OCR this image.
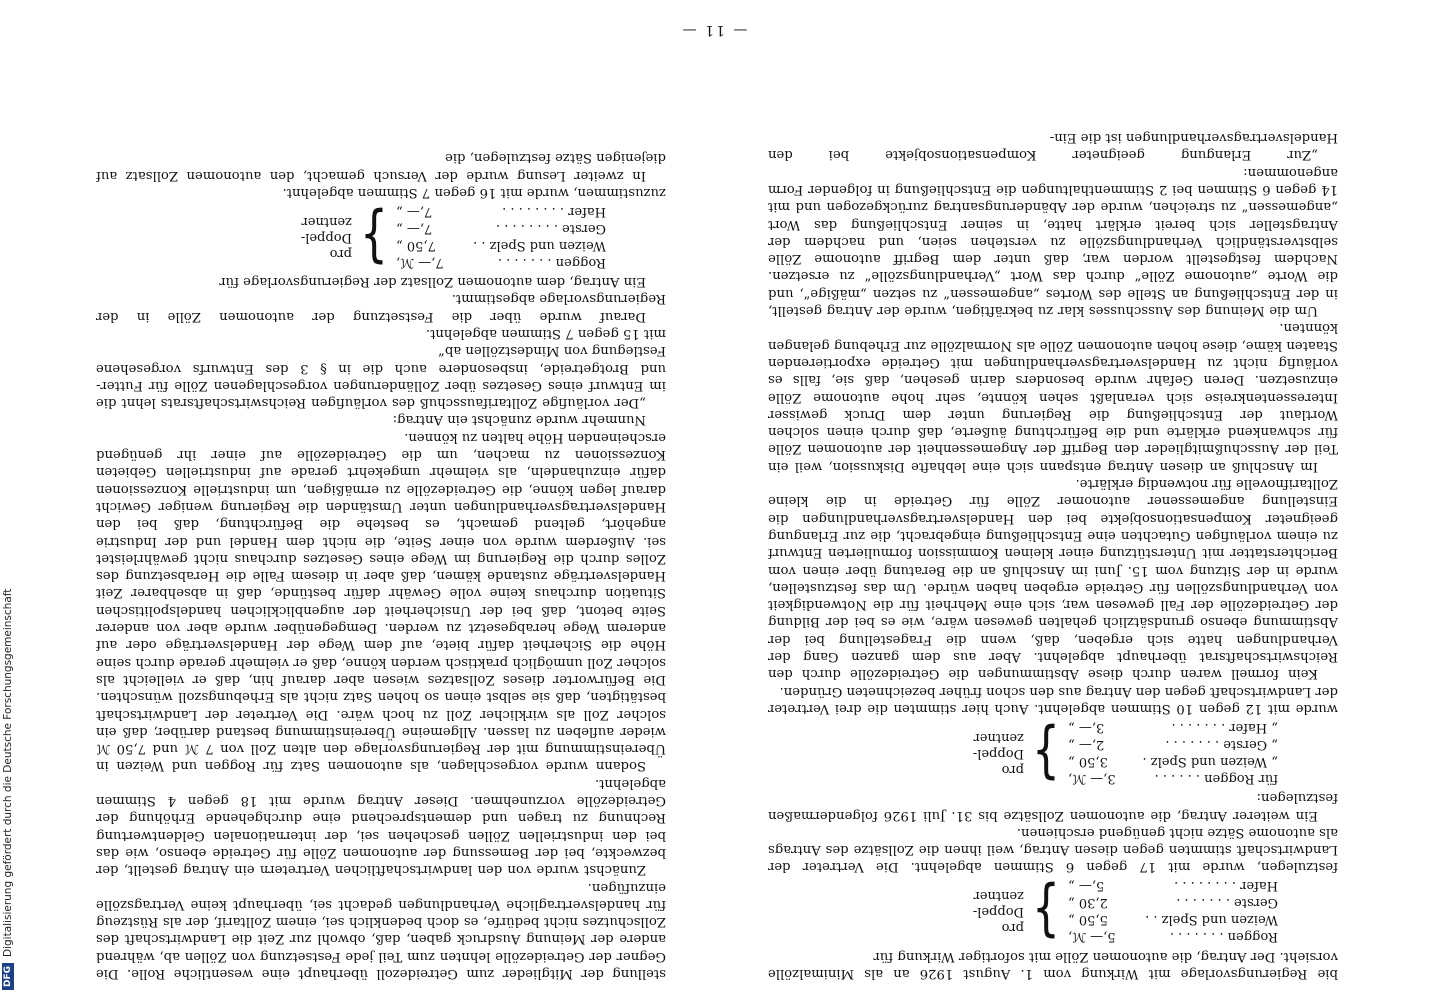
— 11 —

stellung der Mitglieder zum Getreidezoll überhaupt eine wesentliche Rolle. Die Gegner der Getreidezölle lehnten zum Teil jede Festsetzung von Zöllen ab, während andere der Meinung Ausdruck gaben, daß, obwohl zur Zeit die Landwirtschaft des Zollschutzes nicht bedürfe, es doch bedenklich sei, einem Zolltarif, der als Rüstzeug für handelsvertragliche Verhandlungen gedacht sei, überhaupt keine Vertragszölle einzufügen.

Zunächst wurde von den landwirtschaftlichen Vertretern ein Antrag gestellt, der bezweckte, bei der Bemessung der autonomen Zölle für Getreide ebenso, wie das bei den industriellen Zöllen geschehen sei, der internationalen Geldentwertung Rechnung zu tragen und dementsprechend eine durchgehende Erhöhung der Getreidezölle vorzunehmen. Dieser Antrag wurde mit 18 gegen 4 Stimmen abgelehnt.

Sodann wurde vorgeschlagen, als autonomen Satz für Roggen und Weizen in Übereinstimmung mit der Regierungsvorlage den alten Zoll von 7 ℳ und 7,50 ℳ wieder aufleben zu lassen. Allgemeine Übereinstimmung bestand darüber, daß ein solcher Zoll als wirklicher Zoll zu hoch wäre. Die Vertreter der Landwirtschaft bestätigten, daß sie selbst einen so hohen Satz nicht als Erhebungszoll wünschten. Die Befürworter dieses Zollsatzes wiesen aber darauf hin, daß er vielleicht als solcher Zoll unmöglich praktisch werden könne, daß er vielmehr gerade durch seine Höhe die Sicherheit dafür biete, auf dem Wege der Handelsverträge oder auf anderem Wege herabgesetzt zu werden. Demgegenüber wurde aber von anderer Seite betont, daß bei der Unsicherheit der augenblicklichen handelspolitischen Situation durchaus keine volle Gewähr dafür bestünde, daß in absehbarer Zeit Handelsverträge zustande kämen, daß aber in diesem Falle die Herabsetzung des Zolles durch die Regierung im Wege eines Gesetzes durchaus nicht gewährleistet sei. Außerdem wurde von einer Seite, die nicht dem Handel und der Industrie angehört, geltend gemacht, es bestehe die Befürchtung, daß bei den Handelsvertragsverhandlungen unter Umständen die Regierung weniger Gewicht darauf legen könne, die Getreidezölle zu ermäßigen, um industrielle Konzessionen dafür einzuhandeln, als vielmehr umgekehrt gerade auf industriellen Gebieten Konzessionen zu machen, um die Getreidezölle auf einer ihr genügend erscheinenden Höhe halten zu können.

Nunmehr wurde zunächst ein Antrag:

„Der vorläufige Zolltarifausschuß des vorläufigen Reichswirtschaftsrats lehnt die im Entwurf eines Gesetzes über Zolländerungen vorgeschlagenen Zölle für Futter- und Brotgetreide, insbesondere auch die in § 3 des Entwurfs vorgesehene Festlegung von Mindestzöllen ab“

mit 15 gegen 7 Stimmen abgelehnt.

Darauf wurde über die Festsetzung der autonomen Zölle in der Regierungsvorlage abgestimmt.

Ein Antrag, dem autonomen Zollsatz der Regierungsvorlage für

Roggen . . . . . . .
7,— ℳ,
Weizen und Spelz . .
7,50 „
Gerste . . . . . . . .
7,— „
Hafer . . . . . . . .
7,— „
}
pro
Doppel-
zentner

zuzustimmen, wurde mit 16 gegen 7 Stimmen abgelehnt.

In zweiter Lesung wurde der Versuch gemacht, den autonomen Zollsatz auf diejenigen Sätze festzulegen, die

bie Regierungsvorlage mit Wirkung vom 1. August 1926 an als Minimalzölle vorsieht. Der Antrag, die autonomen Zölle mit sofortiger Wirkung für

Roggen . . . . . . .
5,— ℳ,
Weizen und Spelz . .
5,50 „
Gerste . . . . . . .
2,30 „
Hafer . . . . . . . .
5,— „
}
pro
Doppel-
zentner

festzulegen, wurde mit 17 gegen 6 Stimmen abgelehnt. Die Vertreter der Landwirtschaft stimmten gegen diesen Antrag, weil ihnen die Zollsätze des Antrags als autonome Sätze nicht genügend erschienen.

Ein weiterer Antrag, die autonomen Zollsätze bis 31. Juli 1926 folgendermaßen festzulegen:

für Roggen . . . . . .
3,— ℳ,
„ Weizen und Spelz .
3,50 „
„ Gerste . . . . . . .
2,— „
„ Hafer . . . . . . .
3,— „
}
pro
Doppel-
zentner

wurde mit 12 gegen 10 Stimmen abgelehnt. Auch hier stimmten die drei Vertreter der Landwirtschaft gegen den Antrag aus den schon früher bezeichneten Gründen.

Kein formell waren durch diese Abstimmungen die Getreidezölle durch den Reichswirtschaftsrat überhaupt abgelehnt. Aber aus dem ganzen Gang der Verhandlungen hatte sich ergeben, daß, wenn die Fragestellung bei der Abstimmung ebenso grundsätzlich gehalten gewesen wäre, wie es bei der Bildung der Getreidezölle der Fall gewesen war, sich eine Mehrheit für die Notwendigkeit von Verhandlungszöllen für Getreide ergeben haben würde. Um das festzustellen, wurde in der Sitzung vom 15. Juni im Anschluß an die Beratung über einen vom Berichterstatter mit Unterstützung einer kleinen Kommission formulierten Entwurf zu einem vorläufigen Gutachten eine Entschließung eingebracht, die zur Erlangung geeigneter Kompensationsobjekte bei den Handelsvertragsverhandlungen die Einstellung angemessener autonomer Zölle für Getreide in die kleine Zolltarifnovelle für notwendig erklärte.

Im Anschluß an diesen Antrag entspann sich eine lebhafte Diskussion, weil ein Teil der Ausschußmitglieder den Begriff der Angemessenheit der autonomen Zölle für schwankend erklärte und die Befürchtung äußerte, daß durch einen solchen Wortlaut der Entschließung die Regierung unter dem Druck gewisser Interessentenkreise sich veranlaßt sehen könnte, sehr hohe autonome Zölle einzusetzen. Deren Gefahr wurde besonders darin gesehen, daß sie, falls es vorläufig nicht zu Handelsvertragsverhandlungen mit Getreide exportierenden Staaten käme, diese hohen autonomen Zölle als Normalzölle zur Erhebung gelangen könnten.

Um die Meinung des Ausschusses klar zu bekräftigen, wurde der Antrag gestellt, in der Entschließung an Stelle des Wortes „angemessen“ zu setzen „mäßige“, und die Worte „autonome Zölle“ durch das Wort „Verhandlungszölle“ zu ersetzen. Nachdem festgestellt worden war, daß unter dem Begriff autonome Zölle selbstverständlich Verhandlungszölle zu verstehen seien, und nachdem der Antragsteller sich bereit erklärt hatte, in seiner Entschließung das Wort „angemessen“ zu streichen, wurde der Abänderungsantrag zurückgezogen und mit 14 gegen 6 Stimmen bei 2 Stimmenthaltungen die Entschließung in folgender Form angenommen:

„Zur Erlangung geeigneter Kompensationsobjekte bei den Handelsvertragsverhandlungen ist die Ein-

DFG
Digitalisierung gefördert durch die Deutsche Forschungsgemeinschaft
